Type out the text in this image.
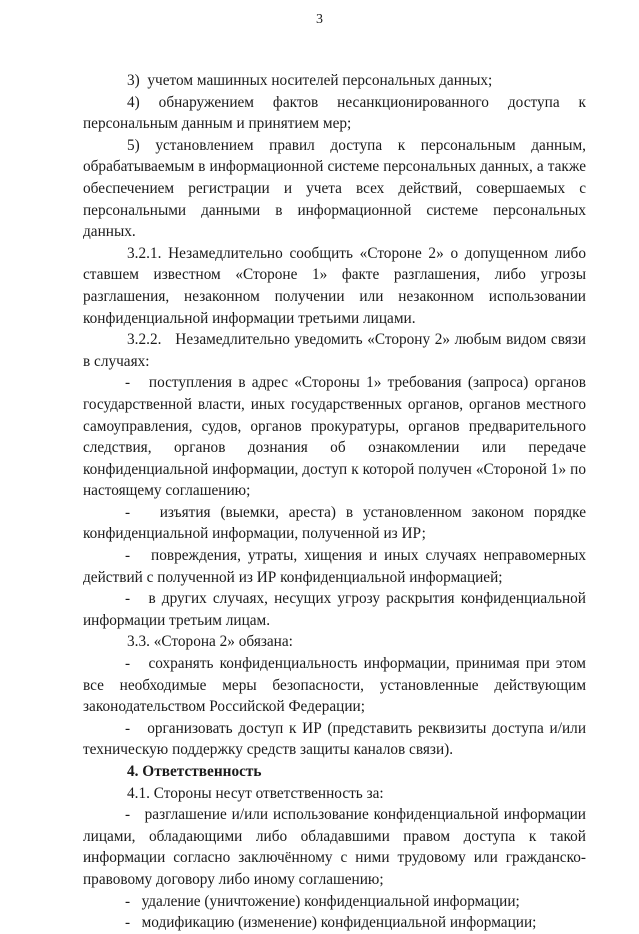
3

3)  учетом машинных носителей персональных данных;

4) обнаружением фактов несанкционированного доступа к персональным данным и принятием мер;

5) установлением правил доступа к персональным данным, обрабатываемым в информационной системе персональных данных, а также обеспечением регистрации и учета всех действий, совершаемых с персональными данными в информационной системе персональных данных.

3.2.1. Незамедлительно сообщить «Стороне 2» о допущенном либо ставшем известном «Стороне 1» факте разглашения, либо угрозы разглашения, незаконном получении или незаконном использовании конфиденциальной информации третьими лицами.

3.2.2.   Незамедлительно уведомить «Сторону 2» любым видом связи в случаях:

-   поступления в адрес «Стороны 1» требования (запроса) органов государственной власти, иных государственных органов, органов местного самоуправления, судов, органов прокуратуры, органов предварительного следствия, органов дознания об ознакомлении или передаче конфиденциальной информации, доступ к которой получен «Стороной 1» по настоящему соглашению;

-   изъятия (выемки, ареста) в установленном законом порядке конфиденциальной информации, полученной из ИР;

-   повреждения, утраты, хищения и иных случаях неправомерных действий с полученной из ИР конфиденциальной информацией;

-   в других случаях, несущих угрозу раскрытия конфиденциальной информации третьим лицам.

3.3. «Сторона 2» обязана:

-   сохранять конфиденциальность информации, принимая при этом все необходимые меры безопасности, установленные действующим законодательством Российской Федерации;

-   организовать доступ к ИР (представить реквизиты доступа и/или техническую поддержку средств защиты каналов связи).

4. Ответственность

4.1. Стороны несут ответственность за:

-   разглашение и/или использование конфиденциальной информации лицами, обладающими либо обладавшими правом доступа к такой информации согласно заключённому с ними трудовому или гражданско-правовому договору либо иному соглашению;

-   удаление (уничтожение) конфиденциальной информации;

-   модификацию (изменение) конфиденциальной информации;
